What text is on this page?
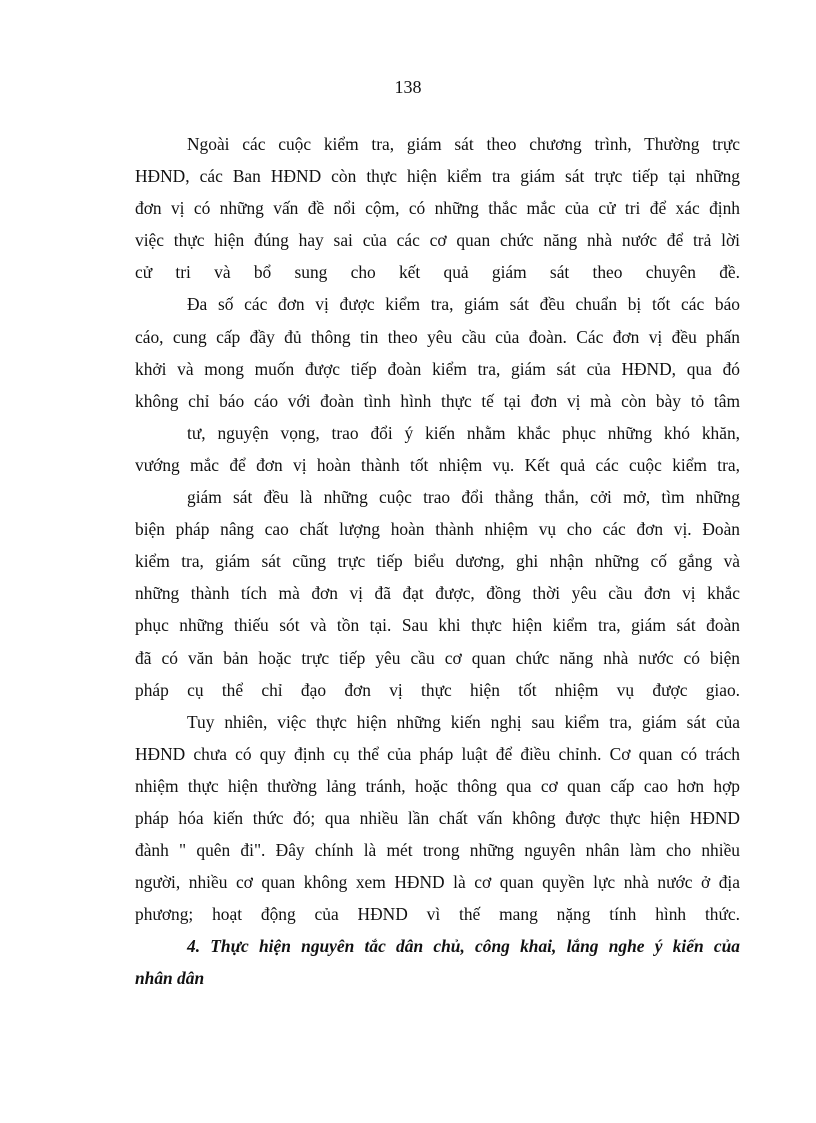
138
Ngoài các cuộc kiểm tra, giám sát theo chương trình, Thường trực
HĐND, các Ban HĐND còn thực hiện kiểm tra giám sát trực tiếp tại những
đơn vị có những vấn đề nổi cộm, có những thắc mắc của cử tri để xác định
việc thực hiện đúng hay sai của các cơ quan chức năng nhà nước để trả lời
cử tri và bổ sung cho kết quả giám sát theo chuyên đề.
Đa số các đơn vị được kiểm tra, giám sát đều chuẩn bị tốt các báo
cáo, cung cấp đầy đủ thông tin theo yêu cầu của đoàn. Các đơn vị đều phấn
khởi và mong muốn được tiếp đoàn kiểm tra, giám sát của HĐND, qua đó
không chỉ báo cáo với đoàn tình hình thực tế tại đơn vị mà còn bày tỏ tâm
tư, nguyện vọng, trao đổi ý kiến nhằm khắc phục những khó khăn,
vướng mắc để đơn vị hoàn thành tốt nhiệm vụ. Kết quả các cuộc kiểm tra,
giám sát đều là những cuộc trao đổi thẳng thắn, cởi mở, tìm những
biện pháp nâng cao chất lượng hoàn thành nhiệm vụ cho các đơn vị. Đoàn
kiểm tra, giám sát cũng trực tiếp biểu dương, ghi nhận những cố gắng và
những thành tích mà đơn vị đã đạt được, đồng thời yêu cầu đơn vị khắc
phục những thiếu sót và tồn tại. Sau khi thực hiện kiểm tra, giám sát đoàn
đã có văn bản hoặc trực tiếp yêu cầu cơ quan chức năng nhà nước có biện
pháp cụ thể chỉ đạo đơn vị thực hiện tốt nhiệm vụ được giao.
Tuy nhiên, việc thực hiện những kiến nghị sau kiểm tra, giám sát của
HĐND chưa có quy định cụ thể của pháp luật để điều chỉnh. Cơ quan có trách
nhiệm thực hiện thường lảng tránh, hoặc thông qua cơ quan cấp cao hơn hợp
pháp hóa kiến thức đó; qua nhiều lần chất vấn không được thực hiện HĐND
đành " quên đi". Đây chính là mét trong những nguyên nhân làm cho nhiều
người, nhiều cơ quan không xem HĐND là cơ quan quyền lực nhà nước ở địa
phương; hoạt động của HĐND vì thế mang nặng tính hình thức.
4. Thực hiện nguyên tắc dân chủ, công khai, lắng nghe ý kiến của
nhân dân
